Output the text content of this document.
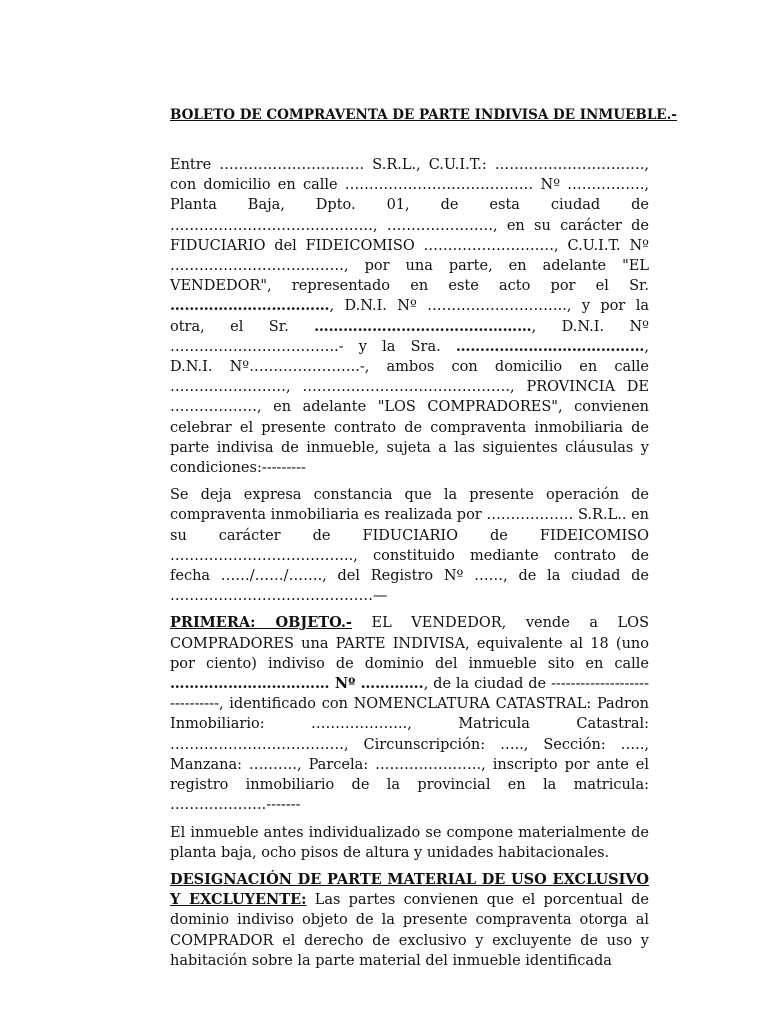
BOLETO DE COMPRAVENTA DE PARTE INDIVISA DE INMUEBLE.-

Entre ………………………… S.R.L., C.U.I.T.: …………………………., con domicilio en calle ………………………………… Nº ……………., Planta Baja, Dpto. 01, de esta ciudad de ……………………………………, …………………., en su carácter de FIDUCIARIO del FIDEICOMISO ………………………, C.U.I.T. Nº ………………………………, por una parte, en adelante "EL VENDEDOR", representado en este acto por el Sr. ……………………………, D.N.I. Nº ……………………….., y por la otra, el Sr. ………………………………………, D.N.I. Nº ……………………………..- y la Sra. …………………………………, D.N.I. Nº…………………..-, ambos con domicilio en calle ……………………, ……………………………………., PROVINCIA DE ………………, en adelante "LOS COMPRADORES", convienen celebrar el presente contrato de compraventa inmobiliaria de parte indivisa de inmueble, sujeta a las siguientes cláusulas y condiciones:---------

Se deja expresa constancia que la presente operación de compraventa inmobiliaria es realizada por ……………… S.R.L.. en su carácter de FIDUCIARIO de FIDEICOMISO ……………………………….., constituido mediante contrato de fecha ……/……/……., del Registro Nº ……, de la ciudad de ……………………………………—

PRIMERA: OBJETO.- EL VENDEDOR, vende a LOS COMPRADORES una PARTE INDIVISA, equivalente al 18 (uno por ciento) indiviso de dominio del inmueble sito en calle …………………………… Nº …………., de la ciudad de ------------------------------, identificado con NOMENCLATURA CATASTRAL: Padron Inmobiliario: ……………….., Matricula Catastral: ………………………………, Circunscripción: ….., Sección: ….., Manzana: ………., Parcela: …………………., inscripto por ante el registro inmobiliario de la provincial en la matricula: ………………..-------

El inmueble antes individualizado se compone materialmente de planta baja, ocho pisos de altura y unidades habitacionales.

DESIGNACIÓN DE PARTE MATERIAL DE USO EXCLUSIVO Y EXCLUYENTE: Las partes convienen que el porcentual de dominio indiviso objeto de la presente compraventa otorga al COMPRADOR el derecho de exclusivo y excluyente de uso y habitación sobre la parte material del inmueble identificada
